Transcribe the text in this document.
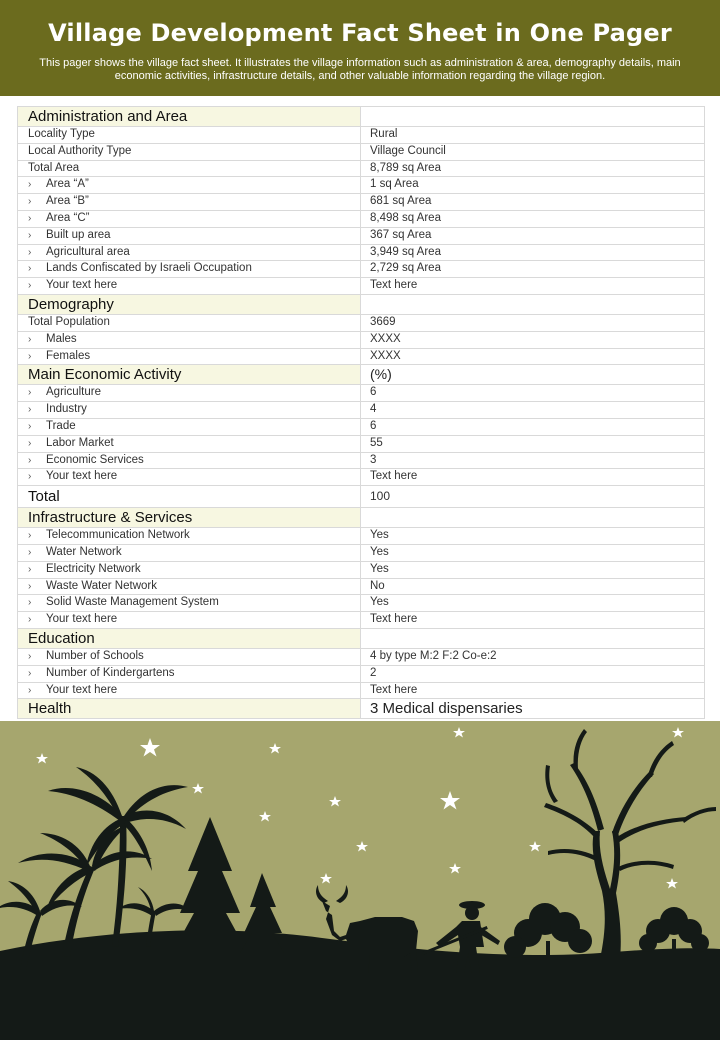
Village Development Fact Sheet in One Pager

This pager shows the village fact sheet. It illustrates the village information such as administration & area, demography details, main economic activities, infrastructure details, and other valuable information regarding the village region.

Administration and Area
Locality Type	Rural
Local Authority Type	Village Council
Total Area	8,789 sq Area
› Area “A”	1 sq Area
› Area “B”	681 sq Area
› Area “C”	8,498 sq Area
› Built up area	367 sq Area
› Agricultural area	3,949 sq Area
› Lands Confiscated by Israeli Occupation	2,729 sq Area
› Your text here	Text here
Demography
Total Population	3669
› Males	XXXX
› Females	XXXX
Main Economic Activity	(%)
› Agriculture	6
› Industry	4
› Trade	6
› Labor Market	55
› Economic Services	3
› Your text here	Text here
Total	100
Infrastructure & Services
› Telecommunication Network	Yes
› Water Network	Yes
› Electricity Network	Yes
› Waste Water Network	No
› Solid Waste Management System	Yes
› Your text here	Text here
Education
› Number of Schools	4 by type M:2 F:2 Co-e:2
› Number of Kindergartens	2
› Your text here	Text here
Health	3 Medical dispensaries
